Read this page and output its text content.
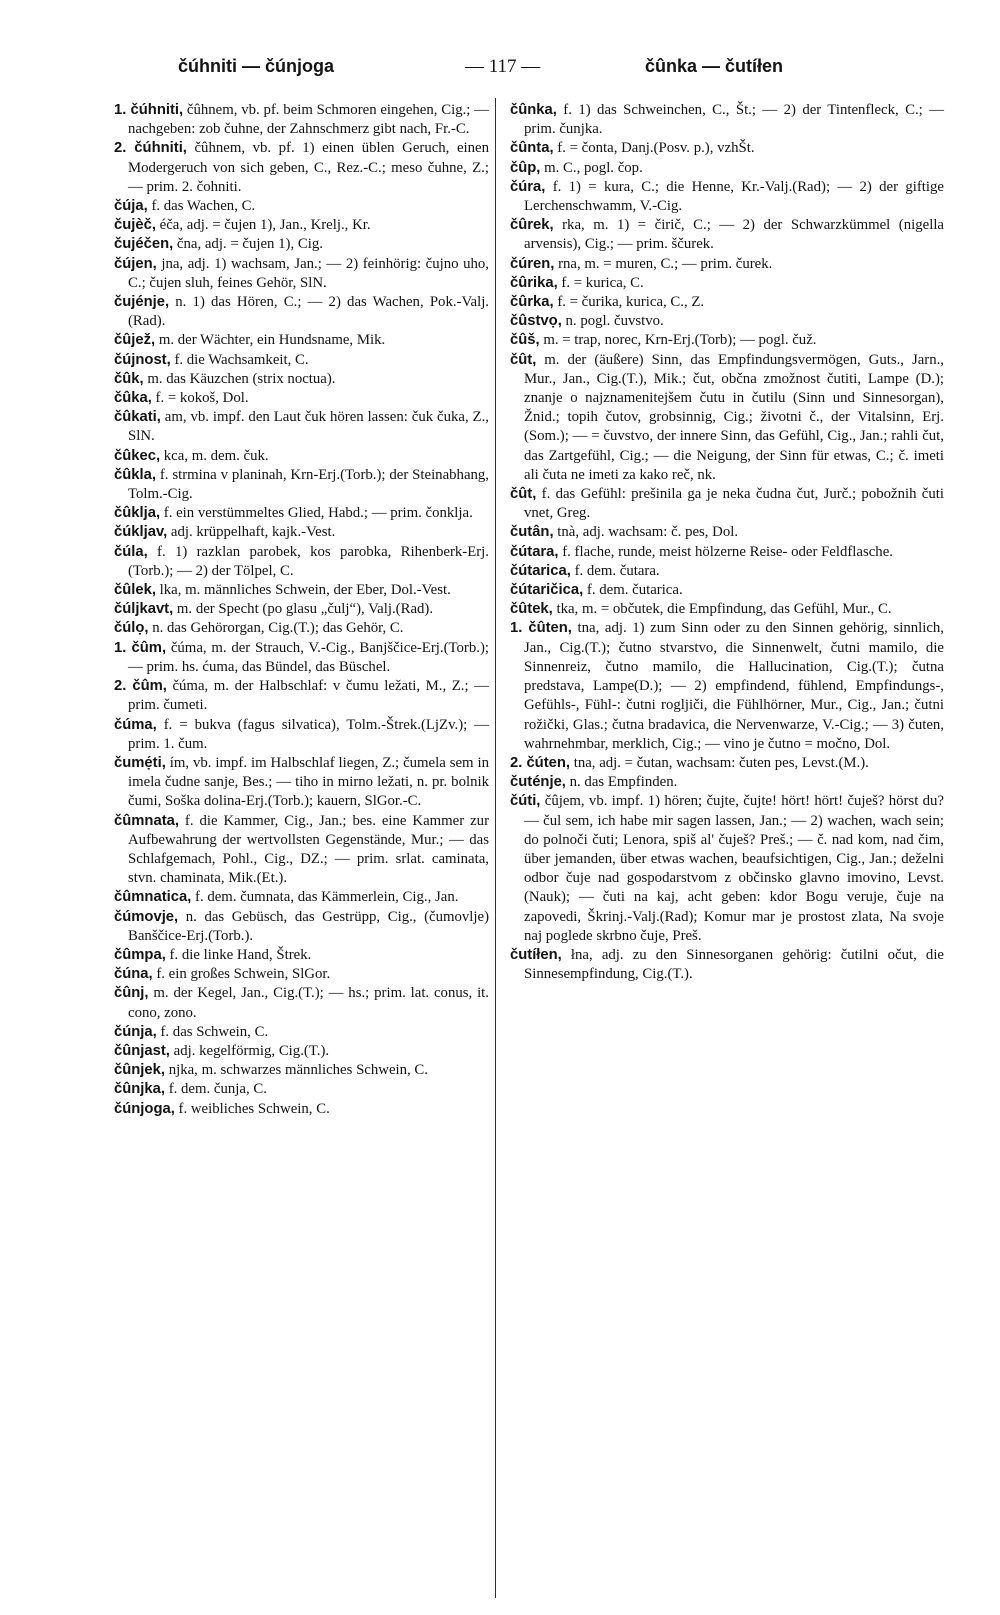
čúhniti — čúnjoga	— 117 —	čûnka — čutíłen

1. čúhniti, čûhnem, vb. pf. beim Schmoren eingehen, Cig.; — nachgeben: zob čuhne, der Zahnschmerz gibt nach, Fr.-C.

2. čúhniti, čûhnem, vb. pf. 1) einen üblen Geruch, einen Modergeruch von sich geben, C., Rez.-C.; meso čuhne, Z.; — prim. 2. čohniti.

čúja, f. das Wachen, C.

čujèč, éča, adj. = čujen 1), Jan., Krelj., Kr.

čujéčen, čna, adj. = čujen 1), Cig.

čújen, jna, adj. 1) wachsam, Jan.; — 2) feinhörig: čujno uho, C.; čujen sluh, feines Gehör, SlN.

čujénje, n. 1) das Hören, C.; — 2) das Wachen, Pok.-Valj.(Rad).

čûjež, m. der Wächter, ein Hundsname, Mik.

čújnost, f. die Wachsamkeit, C.

čûk, m. das Käuzchen (strix noctua).

čûka, f. = kokoš, Dol.

čûkati, am, vb. impf. den Laut čuk hören lassen: čuk čuka, Z., SlN.

čûkec, kca, m. dem. čuk.

čûkla, f. strmina v planinah, Krn-Erj.(Torb.); der Steinabhang, Tolm.-Cig.

čûklja, f. ein verstümmeltes Glied, Habd.; — prim. čonklja.

čúkljav, adj. krüppelhaft, kajk.-Vest.

čúla, f. 1) razklan parobek, kos parobka, Rihenberk-Erj.(Torb.); — 2) der Tölpel, C.

čûlek, lka, m. männliches Schwein, der Eber, Dol.-Vest.

čúljkavt, m. der Specht (po glasu „čulj“), Valj.(Rad).

čúlọ, n. das Gehörorgan, Cig.(T.); das Gehör, C.

1. čûm, čúma, m. der Strauch, V.-Cig., Banjščice-Erj.(Torb.); — prim. hs. ćuma, das Bündel, das Büschel.

2. čûm, čúma, m. der Halbschlaf: v čumu ležati, M., Z.; — prim. čumeti.

čúma, f. = bukva (fagus silvatica), Tolm.-Štrek.(LjZv.); — prim. 1. čum.

čumẹ́ti, ím, vb. impf. im Halbschlaf liegen, Z.; čumela sem in imela čudne sanje, Bes.; — tiho in mirno ležati, n. pr. bolnik čumi, Soška dolina-Erj.(Torb.); kauern, SlGor.-C.

čûmnata, f. die Kammer, Cig., Jan.; bes. eine Kammer zur Aufbewahrung der wertvollsten Gegenstände, Mur.; — das Schlafgemach, Pohl., Cig., DZ.; — prim. srlat. caminata, stvn. chaminata, Mik.(Et.).

čûmnatica, f. dem. čumnata, das Kämmerlein, Cig., Jan.

čúmovje, n. das Gebüsch, das Gestrüpp, Cig., (čumovlje) Banščice-Erj.(Torb.).

čûmpa, f. die linke Hand, Štrek.

čúna, f. ein großes Schwein, SlGor.

čûnj, m. der Kegel, Jan., Cig.(T.); — hs.; prim. lat. conus, it. cono, zono.

čúnja, f. das Schwein, C.

čûnjast, adj. kegelförmig, Cig.(T.).

čûnjek, njka, m. schwarzes männliches Schwein, C.

čûnjka, f. dem. čunja, C.

čúnjoga, f. weibliches Schwein, C.

čûnka, f. 1) das Schweinchen, C., Št.; — 2) der Tintenfleck, C.; — prim. čunjka.

čûnta, f. = čonta, Danj.(Posv. p.), vzhŠt.

čûp, m. C., pogl. čop.

čúra, f. 1) = kura, C.; die Henne, Kr.-Valj.(Rad); — 2) der giftige Lerchenschwamm, V.-Cig.

čûrek, rka, m. 1) = čirič, C.; — 2) der Schwarzkümmel (nigella arvensis), Cig.; — prim. ščurek.

čúren, rna, m. = muren, C.; — prim. čurek.

čûrika, f. = kurica, C.

čûrka, f. = čurika, kurica, C., Z.

čûstvọ, n. pogl. čuvstvo.

čûš, m. = trap, norec, Krn-Erj.(Torb); — pogl. čuž.

čût, m. der (äußere) Sinn, das Empfindungsvermögen, Guts., Jarn., Mur., Jan., Cig.(T.), Mik.; čut, občna zmožnost čutiti, Lampe (D.); znanje o najznamenitejšem čutu in čutilu (Sinn und Sinnesorgan), Žnid.; topih čutov, grobsinnig, Cig.; životni č., der Vitalsinn, Erj.(Som.); — = čuvstvo, der innere Sinn, das Gefühl, Cig., Jan.; rahli čut, das Zartgefühl, Cig.; — die Neigung, der Sinn für etwas, C.; č. imeti ali čuta ne imeti za kako reč, nk.

čût, f. das Gefühl: prešinila ga je neka čudna čut, Jurč.; pobožnih čuti vnet, Greg.

čutân, tnà, adj. wachsam: č. pes, Dol.

čútara, f. flache, runde, meist hölzerne Reise- oder Feldflasche.

čútarica, f. dem. čutara.

čútaričica, f. dem. čutarica.

čûtek, tka, m. = občutek, die Empfindung, das Gefühl, Mur., C.

1. čûten, tna, adj. 1) zum Sinn oder zu den Sinnen gehörig, sinnlich, Jan., Cig.(T.); čutno stvarstvo, die Sinnenwelt, čutni mamilo, die Sinnenreiz, čutno mamilo, die Hallucination, Cig.(T.); čutna predstava, Lampe(D.); — 2) empfindend, fühlend, Empfindungs-, Gefühls-, Fühl-: čutni rogljiči, die Fühlhörner, Mur., Cig., Jan.; čutni rožički, Glas.; čutna bradavica, die Nervenwarze, V.-Cig.; — 3) čuten, wahrnehmbar, merklich, Cig.; — vino je čutno = močno, Dol.

2. čúten, tna, adj. = čutan, wachsam: čuten pes, Levst.(M.).

čuténje, n. das Empfinden.

čúti, čûjem, vb. impf. 1) hören; čujte, čujte! hört! hört! čuješ? hörst du? — čul sem, ich habe mir sagen lassen, Jan.; — 2) wachen, wach sein; do polnoči čuti; Lenora, spiš al' čuješ? Preš.; — č. nad kom, nad čim, über jemanden, über etwas wachen, beaufsichtigen, Cig., Jan.; deželni odbor čuje nad gospodarstvom z občinsko glavno imovino, Levst.(Nauk); — čuti na kaj, acht geben: kdor Bogu veruje, čuje na zapovedi, Škrinj.-Valj.(Rad); Komur mar je prostost zlata, Na svoje naj poglede skrbno čuje, Preš.

čutíłen, łna, adj. zu den Sinnesorganen gehörig: čutilni očut, die Sinnesempfindung, Cig.(T.).
